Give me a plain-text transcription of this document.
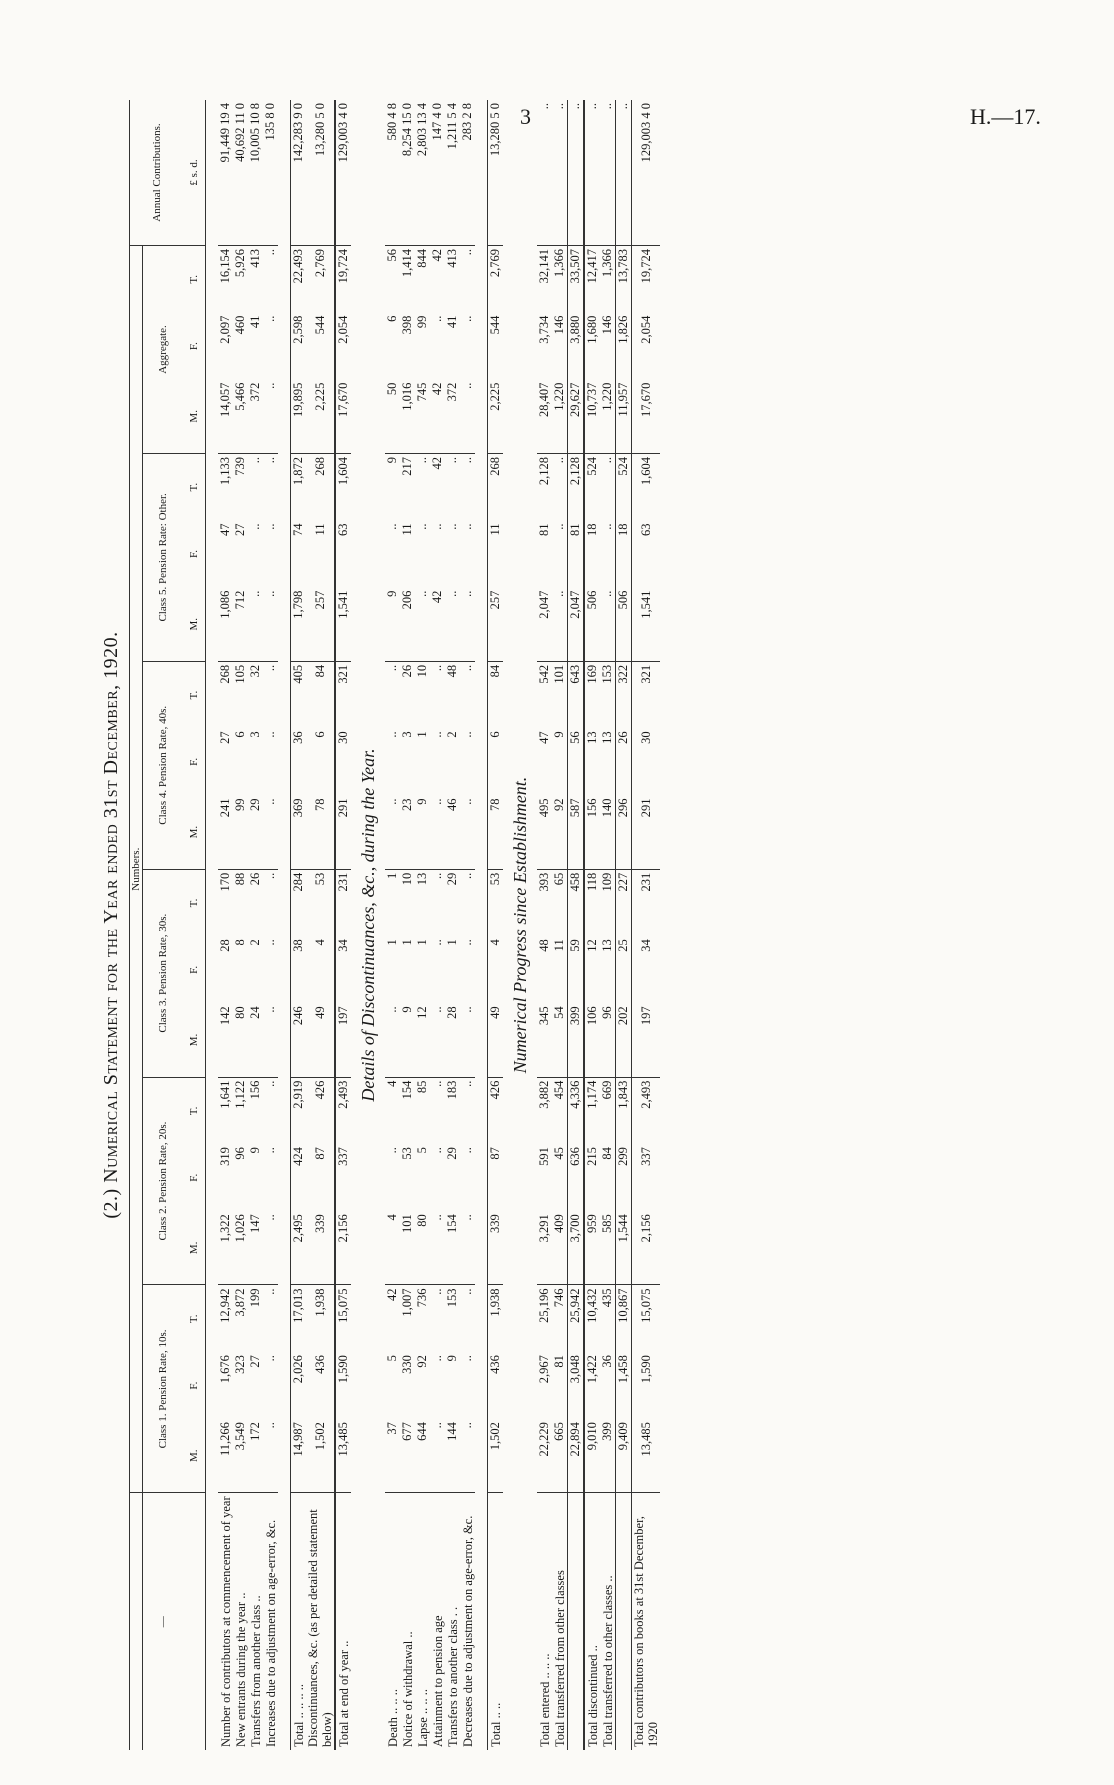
3	H.—17.
(2.) Numerical Statement for the Year ended 31st December, 1920.
	Numbers.																		Annual Contributions.
—	Class 1. Pension Rate, 10s.			Class 2. Pension Rate, 20s.			Class 3. Pension Rate, 30s.			Class 4. Pension Rate, 40s.			Class 5. Pension Rate: Other.			Aggregate.			
	M.	F.	T.	M.	F.	T.	M.	F.	T.	M.	F.	T.	M.	F.	T.	M.	F.	T.	£ s. d.

Number of contributors at commencement of year	11,266	1,676	12,942	1,322	319	1,641	142	28	170	241	27	268	1,086	47	1,133	14,057	2,097	16,154	91,449 19 4
New entrants during the year ..	3,549	323	3,872	1,026	96	1,122	80	8	88	99	6	105	712	27	739	5,466	460	5,926	40,692 11 0
Transfers from another class ..	172	27	199	147	9	156	24	2	26	29	3	32	..	..	..	372	41	413	10,005 10 8
Increases due to adjustment on age-error, &c.	..	..	..	..	..	..	..	..	..	..	..	..	..	..	..	..	..	..	135 8 0

Total .. .. .. ..	14,987	2,026	17,013	2,495	424	2,919	246	38	284	369	36	405	1,798	74	1,872	19,895	2,598	22,493	142,283 9 0
Discontinuances, &c. (as per detailed statement below)	1,502	436	1,938	339	87	426	49	4	53	78	6	84	257	11	268	2,225	544	2,769	13,280 5 0
Total at end of year ..	13,485	1,590	15,075	2,156	337	2,493	197	34	231	291	30	321	1,541	63	1,604	17,670	2,054	19,724	129,003 4 0
Details of Discontinuances, &c., during the Year.																			
Death .. .. ..	37	5	42	4	..	4	..	1	1	..	..	..	9	..	9	50	6	56	580 4 8
Notice of withdrawal ..	677	330	1,007	101	53	154	9	1	10	23	3	26	206	11	217	1,016	398	1,414	8,254 15 0
Lapse .. .. ..	644	92	736	80	5	85	12	1	13	9	1	10	..	..	..	745	99	844	2,803 13 4
Attainment to pension age	..	..	..	..	..	..	..	..	..	..	..	..	42	..	42	42	..	42	147 4 0
Transfers to another class . .	144	9	153	154	29	183	28	1	29	46	2	48	..	..	..	372	41	413	1,211 5 4
Decreases due to adjustment on age-error, &c.	..	..	..	..	..	..	..	..	..	..	..	..	..	..	..	..	..	..	283 2 8

Total .. ..	1,502	436	1,938	339	87	426	49	4	53	78	6	84	257	11	268	2,225	544	2,769	13,280 5 0
Numerical Progress since Establishment.																			
Total entered .. .. ..	22,229	2,967	25,196	3,291	591	3,882	345	48	393	495	47	542	2,047	81	2,128	28,407	3,734	32,141	..
Total transferred from other classes	665	81	746	409	45	454	54	11	65	92	9	101	..	..	..	1,220	146	1,366	..
	22,894	3,048	25,942	3,700	636	4,336	399	59	458	587	56	643	2,047	81	2,128	29,627	3,880	33,507	..
Total discontinued ..	9,010	1,422	10,432	959	215	1,174	106	12	118	156	13	169	506	18	524	10,737	1,680	12,417	..
Total transferred to other classes ..	399	36	435	585	84	669	96	13	109	140	13	153	..	..	..	1,220	146	1,366	..
	9,409	1,458	10,867	1,544	299	1,843	202	25	227	296	26	322	506	18	524	11,957	1,826	13,783	..
Total contributors on books at 31st December, 1920	13,485	1,590	15,075	2,156	337	2,493	197	34	231	291	30	321	1,541	63	1,604	17,670	2,054	19,724	129,003 4 0
